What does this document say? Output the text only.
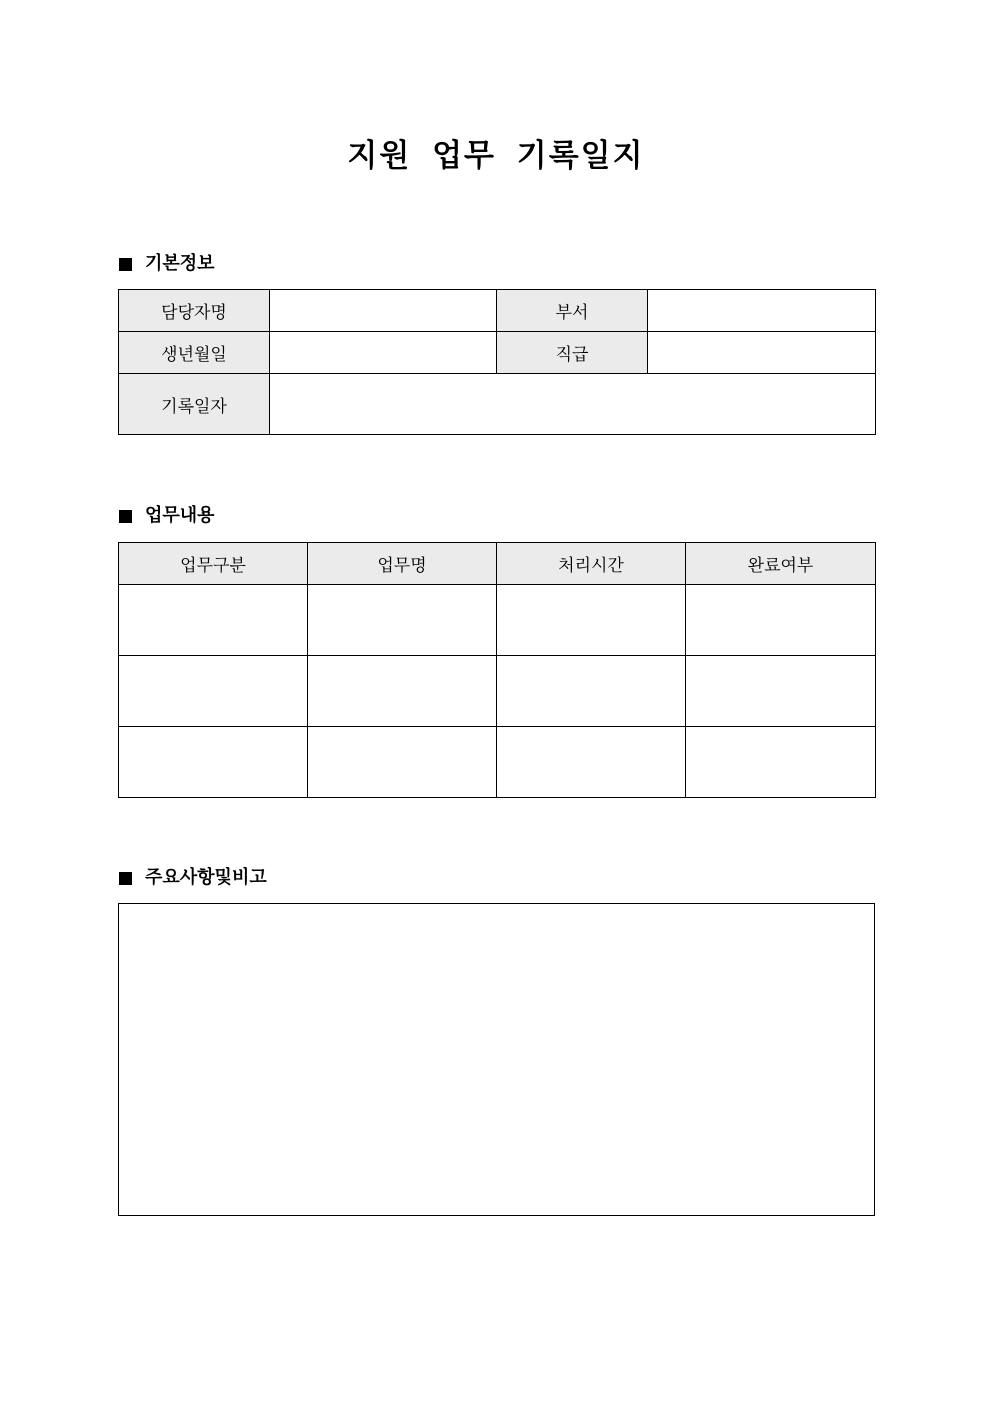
지원 업무 기록일지
기본정보
담당자명		부서	
생년월일		직급	
기록일자			
업무내용
업무구분	업무명	처리시간	완료여부

주요사항및비고
